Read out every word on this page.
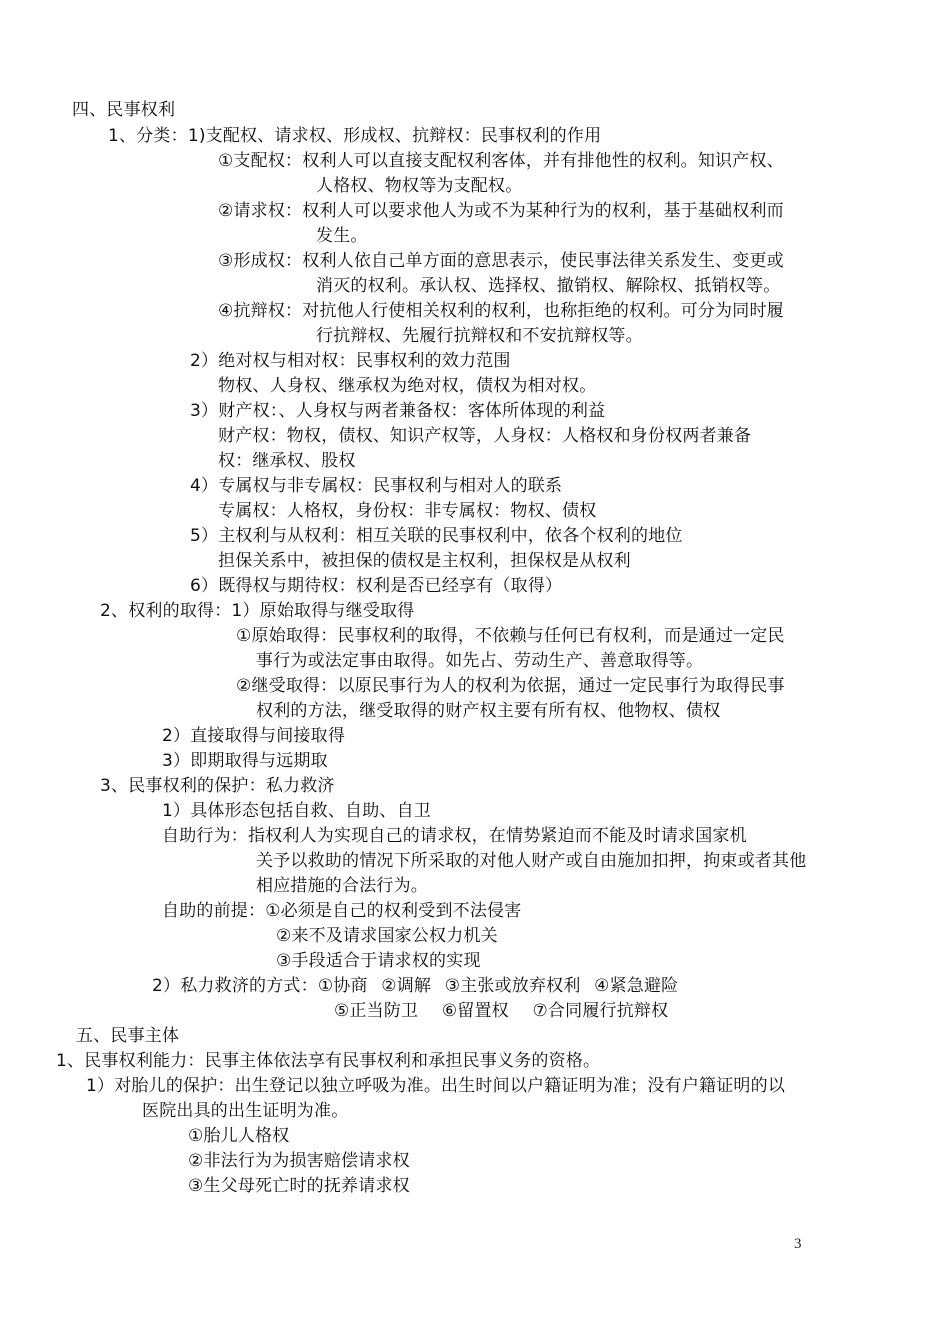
四、民事权利
1、分类：1)支配权、请求权、形成权、抗辩权：民事权利的作用
①支配权：权利人可以直接支配权利客体，并有排他性的权利。知识产权、
人格权、物权等为支配权。
②请求权：权利人可以要求他人为或不为某种行为的权利，基于基础权利而
发生。
③形成权：权利人依自己单方面的意思表示，使民事法律关系发生、变更或
消灭的权利。承认权、选择权、撤销权、解除权、抵销权等。
④抗辩权：对抗他人行使相关权利的权利，也称拒绝的权利。可分为同时履
行抗辩权、先履行抗辩权和不安抗辩权等。
2）绝对权与相对权：民事权利的效力范围
物权、人身权、继承权为绝对权，债权为相对权。
3）财产权：、人身权与两者兼备权：客体所体现的利益
财产权：物权，债权、知识产权等，人身权：人格权和身份权两者兼备
权：继承权、股权
4）专属权与非专属权：民事权利与相对人的联系
专属权：人格权，身份权：非专属权：物权、债权
5）主权利与从权利：相互关联的民事权利中，依各个权利的地位
担保关系中，被担保的债权是主权利，担保权是从权利
6）既得权与期待权：权利是否已经享有（取得）
2、权利的取得：1）原始取得与继受取得
①原始取得：民事权利的取得，不依赖与任何已有权利，而是通过一定民
事行为或法定事由取得。如先占、劳动生产、善意取得等。
②继受取得：以原民事行为人的权利为依据，通过一定民事行为取得民事
权利的方法，继受取得的财产权主要有所有权、他物权、债权
2）直接取得与间接取得
3）即期取得与远期取
3、民事权利的保护：私力救济
1）具体形态包括自救、自助、自卫
自助行为：指权利人为实现自己的请求权，在情势紧迫而不能及时请求国家机
关予以救助的情况下所采取的对他人财产或自由施加扣押，拘束或者其他
相应措施的合法行为。
自助的前提：①必须是自己的权利受到不法侵害
②来不及请求国家公权力机关
③手段适合于请求权的实现
2）私力救济的方式：①协商 ②调解 ③主张或放弃权利 ④紧急避险
⑤正当防卫 ⑥留置权 ⑦合同履行抗辩权
五、民事主体
1、民事权利能力：民事主体依法享有民事权利和承担民事义务的资格。
1）对胎儿的保护：出生登记以独立呼吸为准。出生时间以户籍证明为准；没有户籍证明的以
医院出具的出生证明为准。
①胎儿人格权
②非法行为为损害赔偿请求权
③生父母死亡时的抚养请求权
3
